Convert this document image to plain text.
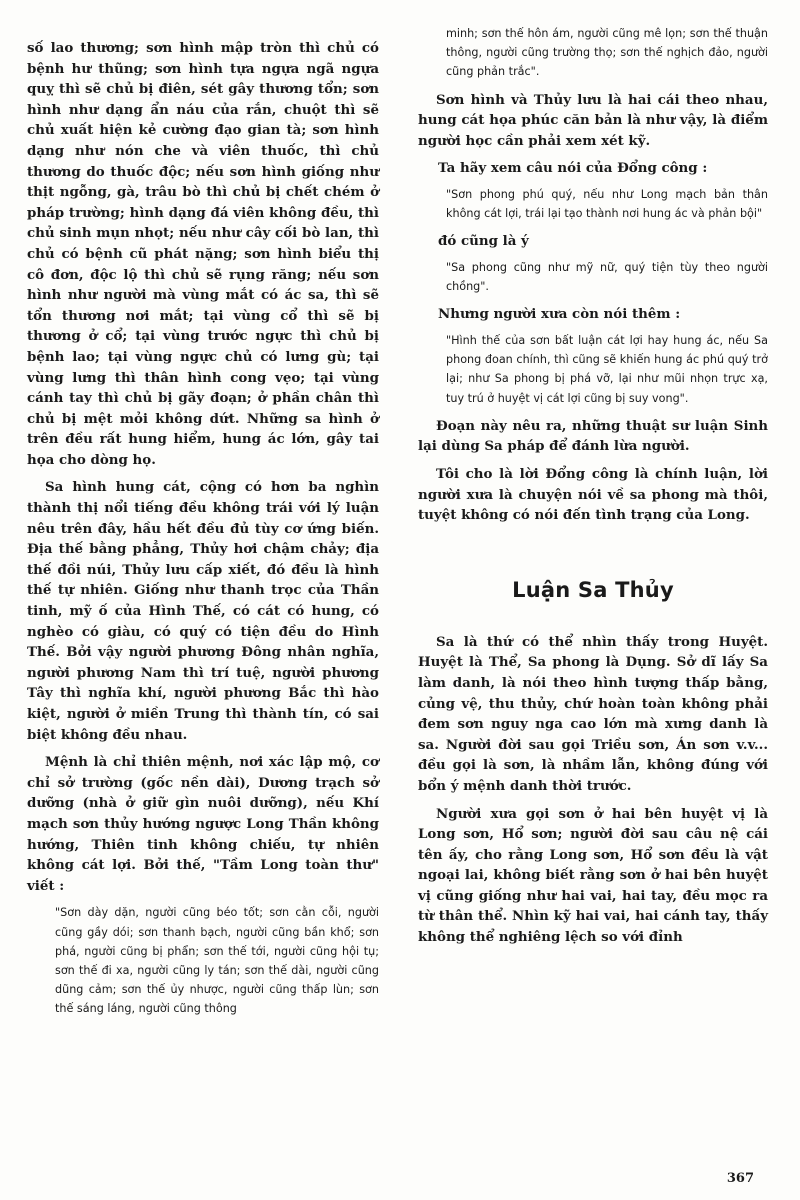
số lao thương; sơn hình mập tròn thì chủ có bệnh hư thũng; sơn hình tựa ngựa ngã ngựa quỵ thì sẽ chủ bị điên, sét gây thương tổn; sơn hình như dạng ẩn náu của rắn, chuột thì sẽ chủ xuất hiện kẻ cường đạo gian tà; sơn hình dạng như nón che và viên thuốc, thì chủ thương do thuốc độc; nếu sơn hình giống như thịt ngỗng, gà, trâu bò thì chủ bị chết chém ở pháp trường; hình dạng đá viên không đều, thì chủ sinh mụn nhọt; nếu như cây cối bò lan, thì chủ có bệnh cũ phát nặng; sơn hình biểu thị cô đơn, độc lộ thì chủ sẽ rụng răng; nếu sơn hình như người mà vùng mắt có ác sa, thì sẽ tổn thương nơi mắt; tại vùng cổ thì sẽ bị thương ở cổ; tại vùng trước ngực thì chủ bị bệnh lao; tại vùng ngực chủ có lưng gù; tại vùng lưng thì thân hình cong vẹo; tại vùng cánh tay thì chủ bị gãy đoạn; ở phần chân thì chủ bị mệt mỏi không dứt. Những sa hình ở trên đều rất hung hiểm, hung ác lớn, gây tai họa cho dòng họ.

Sa hình hung cát, cộng có hơn ba nghìn thành thị nổi tiếng đều không trái với lý luận nêu trên đây, hầu hết đều đủ tùy cơ ứng biến. Địa thế bằng phẳng, Thủy hơi chậm chảy; địa thế đồi núi, Thủy lưu cấp xiết, đó đều là hình thế tự nhiên. Giống như thanh trọc của Thần tinh, mỹ ố của Hình Thế, có cát có hung, có nghèo có giàu, có quý có tiện đều do Hình Thế. Bởi vậy người phương Đông nhân nghĩa, người phương Nam thì trí tuệ, người phương Tây thì nghĩa khí, người phương Bắc thì hào kiệt, người ở miền Trung thì thành tín, có sai biệt không đều nhau.

Mệnh là chỉ thiên mệnh, nơi xác lập mộ, cơ chỉ sở trường (gốc nền dài), Dương trạch sở dưỡng (nhà ở giữ gìn nuôi dưỡng), nếu Khí mạch sơn thủy hướng ngược Long Thần không hướng, Thiên tinh không chiếu, tự nhiên không cát lợi. Bởi thế, "Tầm Long toàn thư" viết :

"Sơn dày dặn, người cũng béo tốt; sơn cằn cỗi, người cũng gầy dói; sơn thanh bạch, người cũng bần khổ; sơn phá, người cũng bị phẩn; sơn thế tới, người cũng hội tụ; sơn thế đi xa, người cũng ly tán; sơn thế dài, người cũng dũng cảm; sơn thế ủy nhược, người cũng thấp lùn; sơn thế sáng láng, người cũng thông

minh; sơn thế hôn ám, người cũng mê lọn; sơn thế thuận thông, người cũng trường thọ; sơn thế nghịch đảo, người cũng phản trắc".

Sơn hình và Thủy lưu là hai cái theo nhau, hung cát họa phúc căn bản là như vậy, là điểm người học cần phải xem xét kỹ.

Ta hãy xem câu nói của Đổng công :

"Sơn phong phú quý, nếu như Long mạch bản thân không cát lợi, trái lại tạo thành nơi hung ác và phản bội"

đó cũng là ý

"Sa phong cũng như mỹ nữ, quý tiện tùy theo người chồng".

Nhưng người xưa còn nói thêm :

"Hình thế của sơn bất luận cát lợi hay hung ác, nếu Sa phong đoan chính, thì cũng sẽ khiến hung ác phú quý trở lại; như Sa phong bị phá vỡ, lại như mũi nhọn trực xạ, tuy trú ở huyệt vị cát lợi cũng bị suy vong".

Đoạn này nêu ra, những thuật sư luận Sinh lại dùng Sa pháp để đánh lừa người.

Tôi cho là lời Đổng công là chính luận, lời người xưa là chuyện nói về sa phong mà thôi, tuyệt không có nói đến tình trạng của Long.

Luận Sa Thủy

Sa là thứ có thể nhìn thấy trong Huyệt. Huyệt là Thể, Sa phong là Dụng. Sở dĩ lấy Sa làm danh, là nói theo hình tượng thấp bằng, củng vệ, thu thủy, chứ hoàn toàn không phải đem sơn nguy nga cao lớn mà xưng danh là sa. Người đời sau gọi Triều sơn, Án sơn v.v... đều gọi là sơn, là nhầm lẫn, không đúng với bổn ý mệnh danh thời trước.

Người xưa gọi sơn ở hai bên huyệt vị là Long sơn, Hổ sơn; người đời sau câu nệ cái tên ấy, cho rằng Long sơn, Hổ sơn đều là vật ngoại lai, không biết rằng sơn ở hai bên huyệt vị cũng giống như hai vai, hai tay, đều mọc ra từ thân thể. Nhìn kỹ hai vai, hai cánh tay, thấy không thể nghiêng lệch so với đỉnh

367
